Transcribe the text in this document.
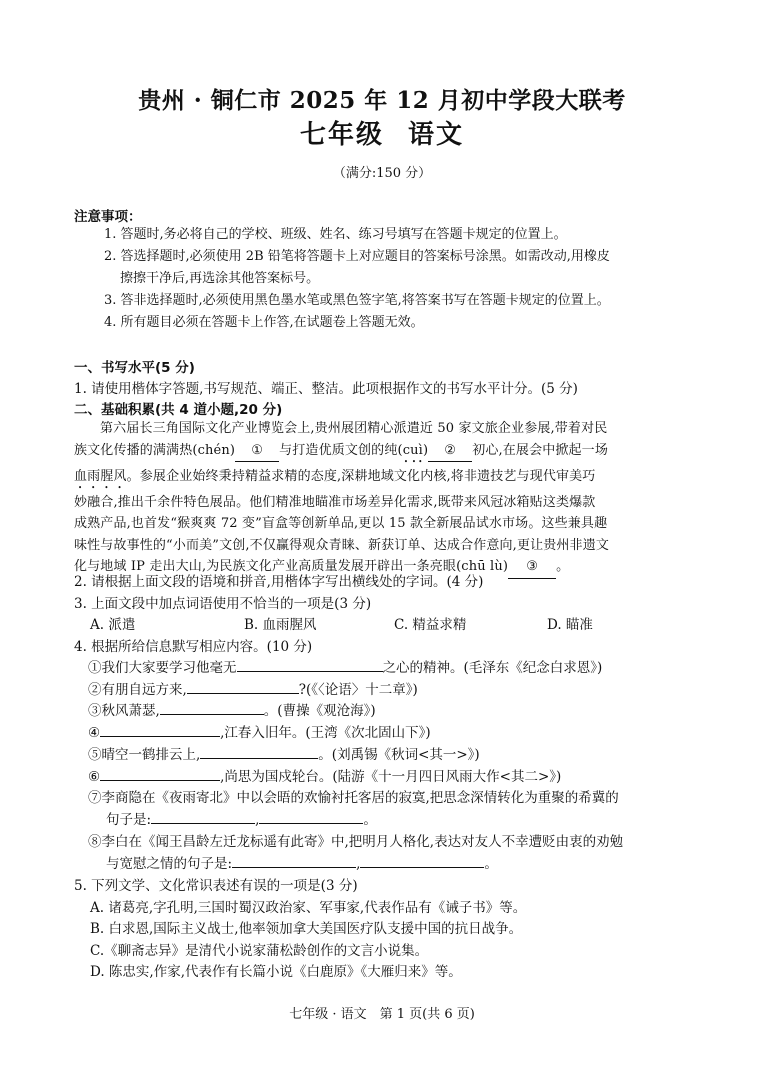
贵州 · 铜仁市 2025 年 12 月初中学段大联考
七年级 语文
（满分:150 分）
注意事项：
1. 答题时,务必将自己的学校、班级、姓名、练习号填写在答题卡规定的位置上。
2. 答选择题时,必须使用 2B 铅笔将答题卡上对应题目的答案标号涂黑。如需改动,用橡皮
擦擦干净后,再选涂其他答案标号。
3. 答非选择题时,必须使用黑色墨水笔或黑色签字笔,将答案书写在答题卡规定的位置上。
4. 所有题目必须在答题卡上作答,在试题卷上答题无效。
一、书写水平(5 分)
1. 请使用楷体字答题,书写规范、端正、整洁。此项根据作文的书写水平计分。(5 分)
二、基础积累(共 4 道小题,20 分)
第六届长三角国际文化产业博览会上,贵州展团精心派遣近 50 家文旅企业参展,带着对民
族文化传播的满满热(chén) ① 与打造优质文创的纯(cuì) ② 初心,在展会中掀起一场
血雨腥风。参展企业始终秉持精益求精的态度,深耕地域文化内核,将非遗技艺与现代审美巧
妙融合,推出千余件特色展品。他们精准地瞄准市场差异化需求,既带来风冠冰箱贴这类爆款
成熟产品,也首发“猴爽爽 72 变”盲盒等创新单品,更以 15 款全新展品试水市场。这些兼具趣
味性与故事性的“小而美”文创,不仅赢得观众青睐、新获订单、达成合作意向,更让贵州非遗文
化与地域 IP 走出大山,为民族文化产业高质量发展开辟出一条亮眼(chū lù) ③ 。
2. 请根据上面文段的语境和拼音,用楷体字写出横线处的字词。(4 分)
3. 上面文段中加点词语使用不恰当的一项是(3 分)
A. 派遣	B. 血雨腥风	C. 精益求精	D. 瞄准
4. 根据所给信息默写相应内容。(10 分)
①我们大家要学习他毫无	之心的精神。(毛泽东《纪念白求恩》)
②有朋自远方来,	?(《〈论语〉十二章》)
③秋风萧瑟,	。(曹操《观沧海》)
④	,江春入旧年。(王湾《次北固山下》)
⑤晴空一鹤排云上,	。(刘禹锡《秋词<其一>》)
⑥	,尚思为国戍轮台。(陆游《十一月四日风雨大作<其二>》)
⑦李商隐在《夜雨寄北》中以会晤的欢愉衬托客居的寂寞,把思念深情转化为重聚的希冀的
句子是:	,	。
⑧李白在《闻王昌龄左迁龙标遥有此寄》中,把明月人格化,表达对友人不幸遭贬由衷的劝勉
与宽慰之情的句子是:	,	。
5. 下列文学、文化常识表述有误的一项是(3 分)
A. 诸葛亮,字孔明,三国时蜀汉政治家、军事家,代表作品有《诫子书》等。
B. 白求恩,国际主义战士,他率领加拿大美国医疗队支援中国的抗日战争。
C.《聊斋志异》是清代小说家蒲松龄创作的文言小说集。
D. 陈忠实,作家,代表作有长篇小说《白鹿原》《大雁归来》等。
七年级 · 语文　第 1 页(共 6 页)
